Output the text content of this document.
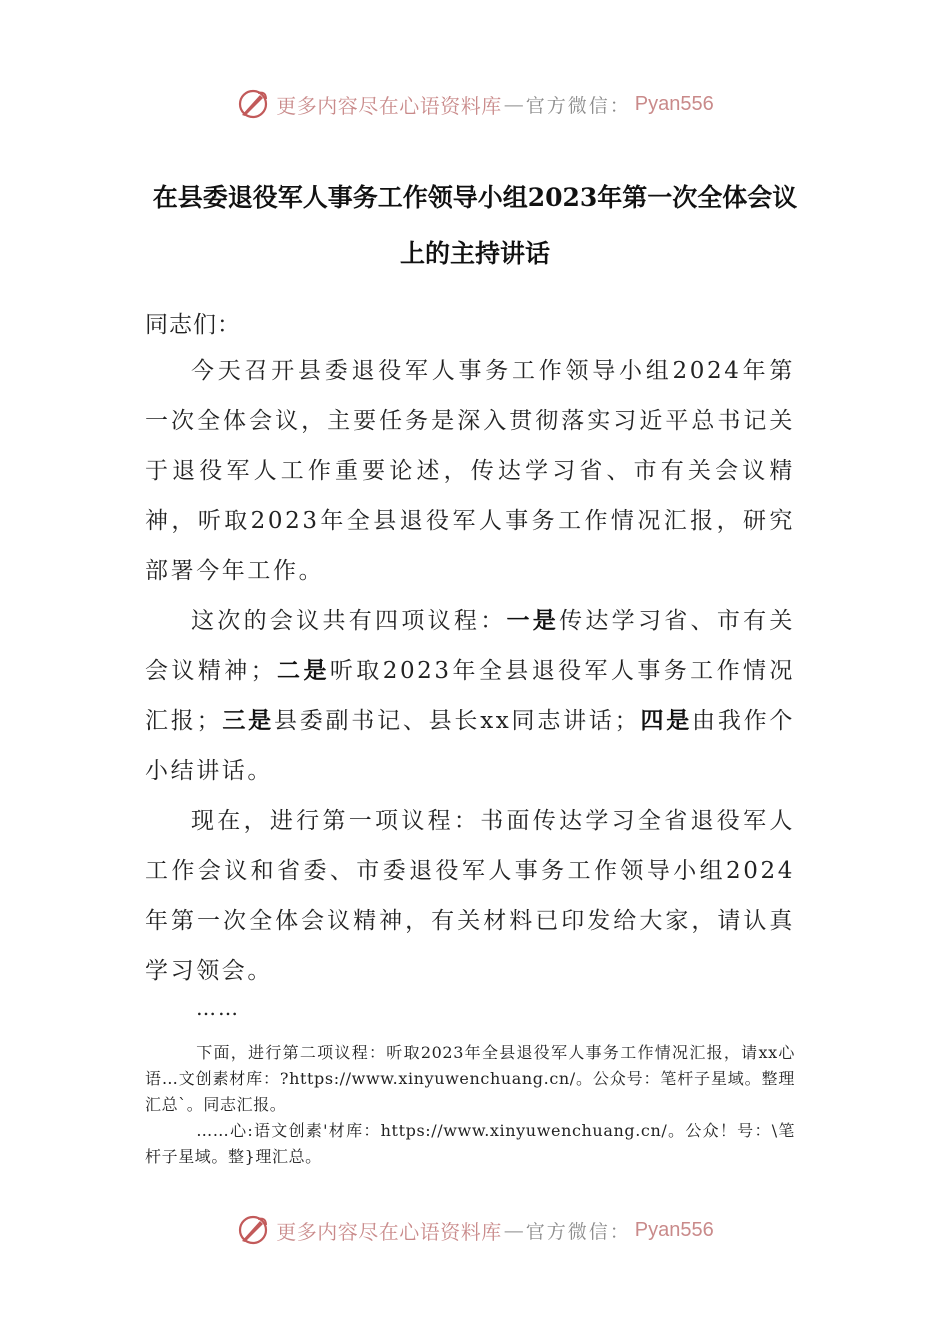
更多内容尽在心语资料库 — 官方微信： Pyan556
在县委退役军人事务工作领导小组2023年第一次全体会议
上的主持讲话
同志们：

今天召开县委退役军人事务工作领导小组2024年第一次全体会议，主要任务是深入贯彻落实习近平总书记关于退役军人工作重要论述，传达学习省、市有关会议精神，听取2023年全县退役军人事务工作情况汇报，研究部署今年工作。

这次的会议共有四项议程：一是传达学习省、市有关会议精神；二是听取2023年全县退役军人事务工作情况汇报；三是县委副书记、县长xx同志讲话；四是由我作个小结讲话。

现在，进行第一项议程：书面传达学习全省退役军人工作会议和省委、市委退役军人事务工作领导小组2024年第一次全体会议精神，有关材料已印发给大家，请认真学习领会。

……

下面，进行第二项议程：听取2023年全县退役军人事务工作情况汇报，请xx心语…文创素材库：?https://www.xinyuwenchuang.cn/。公众号：笔杆子星域。整理汇总`。同志汇报。

……心:语文创素'材库：https://www.xinyuwenchuang.cn/。公众！号：\笔杆子星域。整}理汇总。

更多内容尽在心语资料库 — 官方微信： Pyan556
